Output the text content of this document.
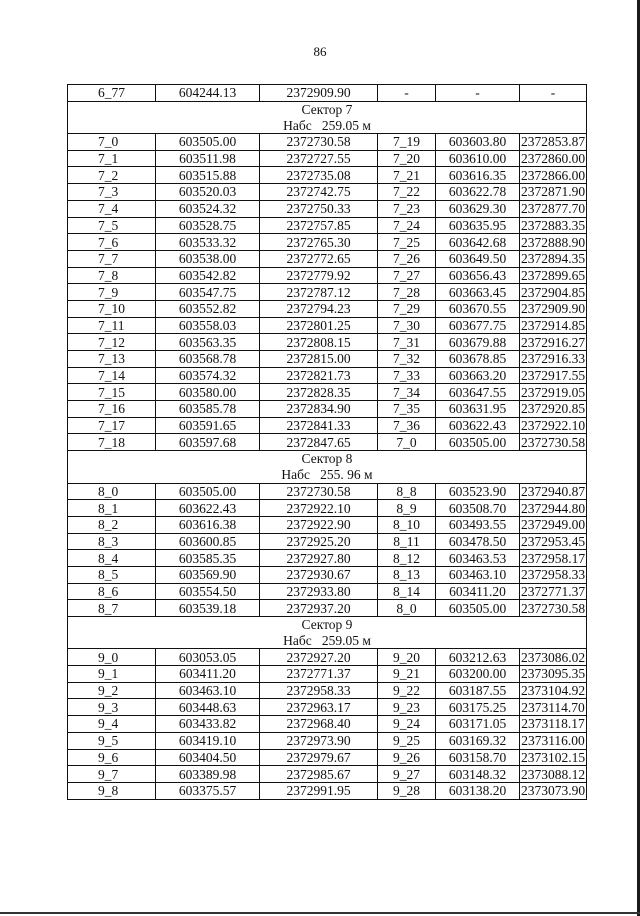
86
6_77	604244.13	2372909.90	-	-	-
Сектор 7					
Набс   259.05 м					
7_0	603505.00	2372730.58	7_19	603603.80	2372853.87
7_1	603511.98	2372727.55	7_20	603610.00	2372860.00
7_2	603515.88	2372735.08	7_21	603616.35	2372866.00
7_3	603520.03	2372742.75	7_22	603622.78	2372871.90
7_4	603524.32	2372750.33	7_23	603629.30	2372877.70
7_5	603528.75	2372757.85	7_24	603635.95	2372883.35
7_6	603533.32	2372765.30	7_25	603642.68	2372888.90
7_7	603538.00	2372772.65	7_26	603649.50	2372894.35
7_8	603542.82	2372779.92	7_27	603656.43	2372899.65
7_9	603547.75	2372787.12	7_28	603663.45	2372904.85
7_10	603552.82	2372794.23	7_29	603670.55	2372909.90
7_11	603558.03	2372801.25	7_30	603677.75	2372914.85
7_12	603563.35	2372808.15	7_31	603679.88	2372916.27
7_13	603568.78	2372815.00	7_32	603678.85	2372916.33
7_14	603574.32	2372821.73	7_33	603663.20	2372917.55
7_15	603580.00	2372828.35	7_34	603647.55	2372919.05
7_16	603585.78	2372834.90	7_35	603631.95	2372920.85
7_17	603591.65	2372841.33	7_36	603622.43	2372922.10
7_18	603597.68	2372847.65	7_0	603505.00	2372730.58
Сектор 8					
Набс   255. 96 м					
8_0	603505.00	2372730.58	8_8	603523.90	2372940.87
8_1	603622.43	2372922.10	8_9	603508.70	2372944.80
8_2	603616.38	2372922.90	8_10	603493.55	2372949.00
8_3	603600.85	2372925.20	8_11	603478.50	2372953.45
8_4	603585.35	2372927.80	8_12	603463.53	2372958.17
8_5	603569.90	2372930.67	8_13	603463.10	2372958.33
8_6	603554.50	2372933.80	8_14	603411.20	2372771.37
8_7	603539.18	2372937.20	8_0	603505.00	2372730.58
Сектор 9					
Набс   259.05 м					
9_0	603053.05	2372927.20	9_20	603212.63	2373086.02
9_1	603411.20	2372771.37	9_21	603200.00	2373095.35
9_2	603463.10	2372958.33	9_22	603187.55	2373104.92
9_3	603448.63	2372963.17	9_23	603175.25	2373114.70
9_4	603433.82	2372968.40	9_24	603171.05	2373118.17
9_5	603419.10	2372973.90	9_25	603169.32	2373116.00
9_6	603404.50	2372979.67	9_26	603158.70	2373102.15
9_7	603389.98	2372985.67	9_27	603148.32	2373088.12
9_8	603375.57	2372991.95	9_28	603138.20	2373073.90
